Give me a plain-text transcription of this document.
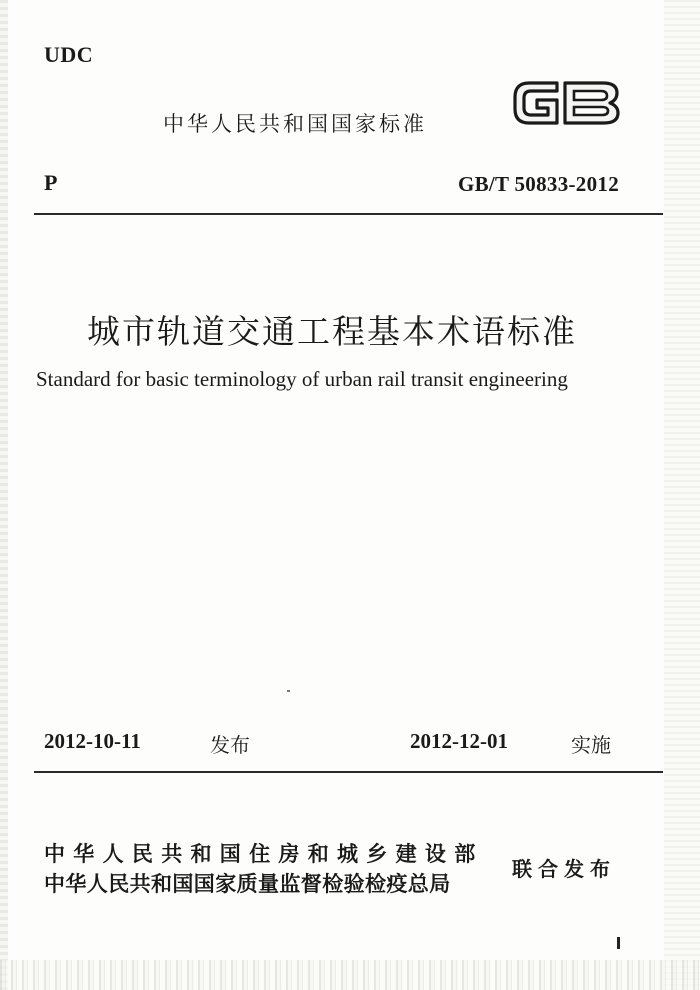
UDC
中华人民共和国国家标准
P	GB/T 50833-2012
城市轨道交通工程基本术语标准
Standard for basic terminology of urban rail transit engineering
2012-10-11	发布	2012-12-01	实施
中华人民共和国住房和城乡建设部
中华人民共和国国家质量监督检验检疫总局
联合发布
